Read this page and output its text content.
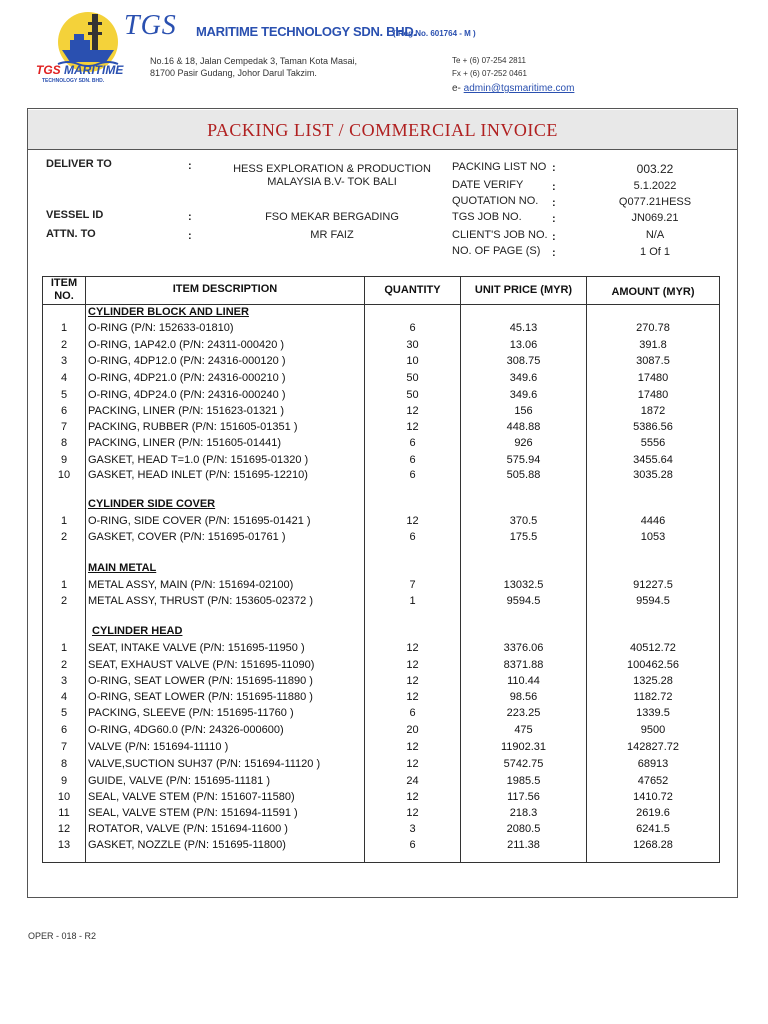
TGS MARITIME
TECHNOLOGY SDN. BHD.
TGS MARITIME TECHNOLOGY SDN. BHD.
( Reg.No. 601764 - M )
No.16 & 18, Jalan Cempedak 3, Taman Kota Masai,
81700 Pasir Gudang, Johor Darul Takzim.
Te + (6) 07-254 2811
Fx + (6) 07-252 0461
e- admin@tgsmaritime.com
PACKING LIST / COMMERCIAL INVOICE
DELIVER TO	:	HESS EXPLORATION & PRODUCTION
MALAYSIA B.V- TOK BALI
VESSEL ID	:	FSO MEKAR BERGADING
ATTN. TO	:	MR FAIZ
PACKING LIST NO :	003.22
DATE VERIFY	:	5.1.2022
QUOTATION NO. :	Q077.21HESS
TGS JOB NO.	:	JN069.21
CLIENT'S JOB NO. :	N/A
NO. OF PAGE (S) :	1 Of 1
ITEM
NO.
ITEM DESCRIPTION	QUANTITY	UNIT PRICE (MYR)	AMOUNT (MYR)
CYLINDER BLOCK AND LINER
1	O-RING (P/N: 152633-01810)	6	45.13	270.78
2	O-RING, 1AP42.0 (P/N: 24311-000420 )	30	13.06	391.8
3	O-RING, 4DP12.0 (P/N: 24316-000120 )	10	308.75	3087.5
4	O-RING, 4DP21.0 (P/N: 24316-000210 )	50	349.6	17480
5	O-RING, 4DP24.0 (P/N: 24316-000240 )	50	349.6	17480
6	PACKING, LINER (P/N: 151623-01321 )	12	156	1872
7	PACKING, RUBBER (P/N: 151605-01351 )	12	448.88	5386.56
8	PACKING, LINER (P/N: 151605-01441)	6	926	5556
9	GASKET, HEAD T=1.0 (P/N: 151695-01320 )	6	575.94	3455.64
10	GASKET, HEAD INLET (P/N: 151695-12210)	6	505.88	3035.28
CYLINDER SIDE COVER
1	O-RING, SIDE COVER (P/N: 151695-01421 )	12	370.5	4446
2	GASKET, COVER (P/N: 151695-01761 )	6	175.5	1053
MAIN METAL
1	METAL ASSY, MAIN (P/N: 151694-02100)	7	13032.5	91227.5
2	METAL ASSY, THRUST (P/N: 153605-02372 )	1	9594.5	9594.5
CYLINDER HEAD
1	SEAT, INTAKE VALVE (P/N: 151695-11950 )	12	3376.06	40512.72
2	SEAT, EXHAUST VALVE (P/N: 151695-11090)	12	8371.88	100462.56
3	O-RING, SEAT LOWER (P/N: 151695-11890 )	12	110.44	1325.28
4	O-RING, SEAT LOWER (P/N: 151695-11880 )	12	98.56	1182.72
5	PACKING, SLEEVE (P/N: 151695-11760 )	6	223.25	1339.5
6	O-RING, 4DG60.0 (P/N: 24326-000600)	20	475	9500
7	VALVE (P/N: 151694-11110 )	12	11902.31	142827.72
8	VALVE,SUCTION SUH37 (P/N: 151694-11120 )	12	5742.75	68913
9	GUIDE, VALVE (P/N: 151695-11181 )	24	1985.5	47652
10	SEAL, VALVE STEM (P/N: 151607-11580)	12	117.56	1410.72
11	SEAL, VALVE STEM (P/N: 151694-11591 )	12	218.3	2619.6
12	ROTATOR, VALVE (P/N: 151694-11600 )	3	2080.5	6241.5
13	GASKET, NOZZLE (P/N: 151695-11800)	6	211.38	1268.28
OPER - 018 - R2
